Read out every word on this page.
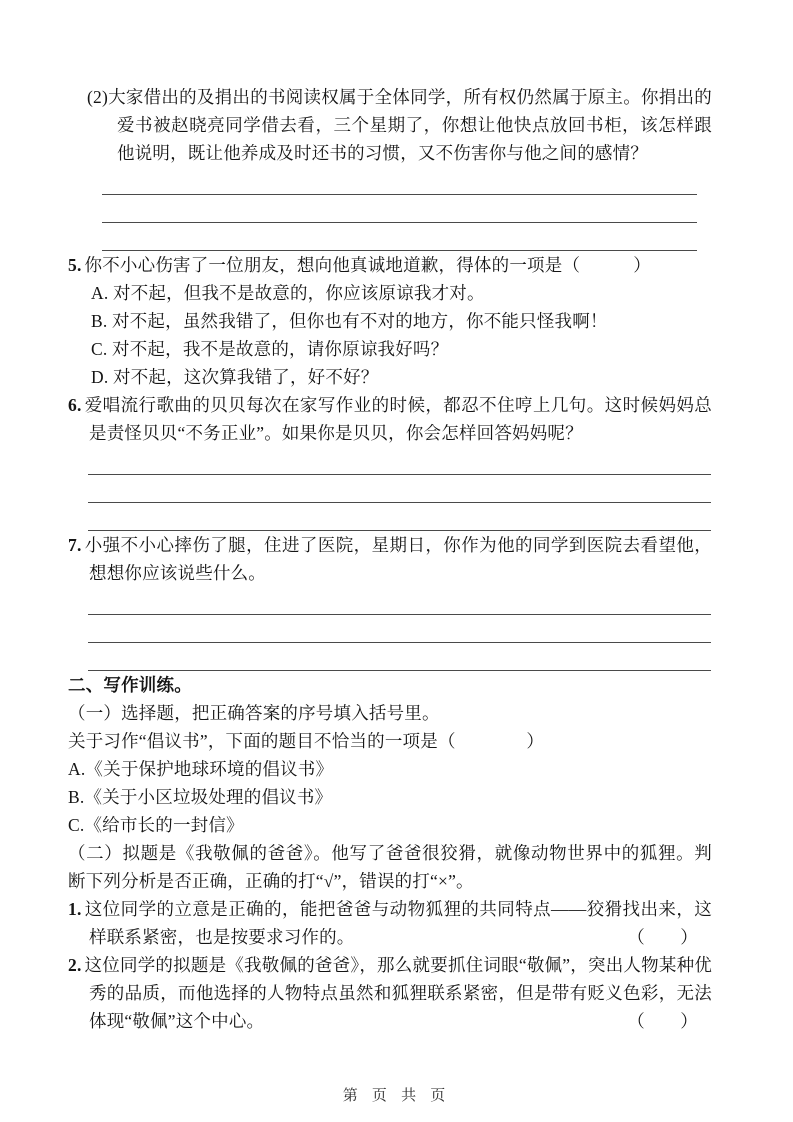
(2)大家借出的及捐出的书阅读权属于全体同学，所有权仍然属于原主。你捐出的爱书被赵晓亮同学借去看，三个星期了，你想让他快点放回书柜，该怎样跟他说明，既让他养成及时还书的习惯，又不伤害你与他之间的感情？
5. 你不小心伤害了一位朋友，想向他真诚地道歉，得体的一项是（　　　）
A. 对不起，但我不是故意的，你应该原谅我才对。
B. 对不起，虽然我错了，但你也有不对的地方，你不能只怪我啊！
C. 对不起，我不是故意的，请你原谅我好吗？
D. 对不起，这次算我错了，好不好？
6. 爱唱流行歌曲的贝贝每次在家写作业的时候，都忍不住哼上几句。这时候妈妈总是责怪贝贝“不务正业”。如果你是贝贝，你会怎样回答妈妈呢？
7. 小强不小心摔伤了腿，住进了医院，星期日，你作为他的同学到医院去看望他，想想你应该说些什么。
二、写作训练。
（一）选择题，把正确答案的序号填入括号里。
关于习作“倡议书”，下面的题目不恰当的一项是（　　　　）
A.《关于保护地球环境的倡议书》
B.《关于小区垃圾处理的倡议书》
C.《给市长的一封信》
（二）拟题是《我敬佩的爸爸》。他写了爸爸很狡猾，就像动物世界中的狐狸。判断下列分析是否正确，正确的打“√”，错误的打“×”。
1. 这位同学的立意是正确的，能把爸爸与动物狐狸的共同特点——狡猾找出来，这样联系紧密，也是按要求习作的。	（　　）
2. 这位同学的拟题是《我敬佩的爸爸》，那么就要抓住词眼“敬佩”，突出人物某种优秀的品质，而他选择的人物特点虽然和狐狸联系紧密，但是带有贬义色彩，无法体现“敬佩”这个中心。	（　　）
第 页 共 页
